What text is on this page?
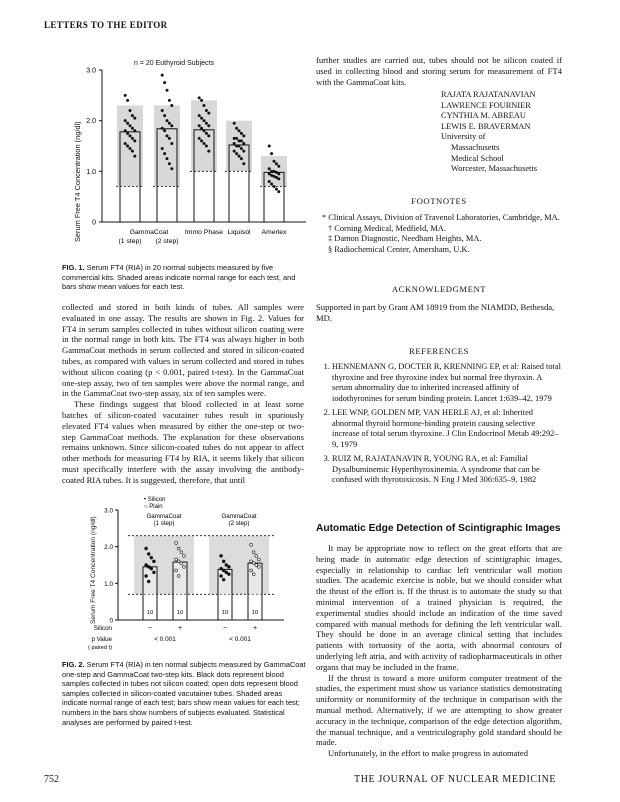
LETTERS TO THE EDITOR
n = 20 Euthyroid Subjects
Serum Free T4 Concentration (ng/dl) 0
1.0
2.0
3.0
GammaCoat
(1 step) (2 step)
Immo Phase Liquisol Amerlex
FIG. 1. Serum FT4 (RIA) in 20 normal subjects measured by five commercial kits. Shaded areas indicate normal range for each test, and bars show mean values for each test.

collected and stored in both kinds of tubes. All samples were evaluated in one assay. The results are shown in Fig. 2. Values for FT4 in serum samples collected in tubes without silicon coating were in the normal range in both kits. The FT4 was always higher in both GammaCoat methods in serum collected and stored in silicon-coated tubes, as compared with values in serum collected and stored in tubes without silicon coating (p < 0.001, paired t-test). In the GammaCoat one-step assay, two of ten samples were above the normal range, and in the GammaCoat two-step assay, six of ten samples were.

These findings suggest that blood collected in at least some batches of silicon-coated vacutainer tubes result in spuriously elevated FT4 values when measured by either the one-step or two-step GammaCoat methods. The explanation for these observations remains unknown. Since silicon-coated tubes do not appear to affect other methods for measuring FT4 by RIA, it seems likely that silicon must specifically interfere with the assay involving the antibody-coated RIA tubes. It is suggested, therefore, that until

Serum Free T4 Concentration (ng/dl)
• Silicon
○ Plain
0
1.0
2.0
3.0
GammaCoat
(1 step)
GammaCoat
(2 step)
10
−
10
+
10
−
10
+
Silicon
p Value
( paired t)
< 0.001	< 0.001
FIG. 2. Serum FT4 (RIA) in ten normal subjects measured by GammaCoat one-step and GammaCoat two-step kits. Black dots represent blood samples collected in tubes not silicon coated; open dots represent blood samples collected in silicon-coated vacutainer tubes. Shaded areas indicate normal range of each test; bars show mean values for each test; numbers in the bars show numbers of subjects evaluated. Statistical analyses are performed by paired t-test.

further studies are carried out, tubes should not be silicon coated if used in collecting blood and storing serum for measurement of FT4 with the GammaCoat kits.

RAJATA RAJATANAVIAN
LAWRENCE FOURNIER
CYNTHIA M. ABREAU
LEWIS E. BRAVERMAN
University of
Massachusetts
Medical School
Worcester, Massachusetts
FOOTNOTES
* Clinical Assays, Division of Travenol Laboratories, Cambridge, MA.
† Corning Medical, Medfield, MA.
‡ Damon Diagnostic, Needham Heights, MA.
§ Radiochemical Center, Amersham, U.K.
ACKNOWLEDGMENT

Supported in part by Grant AM 18919 from the NIAMDD, Bethesda, MD.

REFERENCES
1. HENNEMANN G, DOCTER R, KRENNING EP, et al: Raised total thyroxine and free thyroxine index but normal free thyroxin. A serum abnormality due to inherited increased affinity of iodothyronines for serum binding protein. Lancet 1:639–42, 1979
2. LEE WNP, GOLDEN MP, VAN HERLE AJ, et al: Inherited abnormal thyroid hormone-binding protein causing selective increase of total serum thyroxine. J Clin Endocrinol Metab 49:292–9, 1979
3. RUIZ M, RAJATANAVIN R, YOUNG RA, et al: Familial Dysalbuminemic Hyperthyroxinemia. A syndrome that can be confused with thyrotoxicosis. N Eng J Med 306:635–9, 1982
Automatic Edge Detection of Scintigraphic Images

It may be appropriate now to reflect on the great efforts that are being made in automatic edge detection of scintigraphic images, especially in relationship to cardiac left ventricular wall motion studies. The academic exercise is noble, but we should consider what the thrust of the effort is. If the thrust is to automate the study so that minimal intervention of a trained physician is required, the experimental studies should include an indication of the time saved compared with manual methods for defining the left ventricular wall. They should be done in an average clinical setting that includes patients with tortuosity of the aorta, with abnormal contours of underlying left atria, and with activity of radiopharmaceuticals in other organs that may be included in the frame.

If the thrust is toward a more uniform computer treatment of the studies, the experiment must show us variance statistics demonstrating uniformity or nonuniformity of the technique in comparison with the manual method. Alternatively, if we are attempting to show greater accuracy in the technique, comparison of the edge detection algorithm, the manual technique, and a ventriculography gold standard should be made.

Unfortunately, in the effort to make progress in automated

752	THE JOURNAL OF NUCLEAR MEDICINE
